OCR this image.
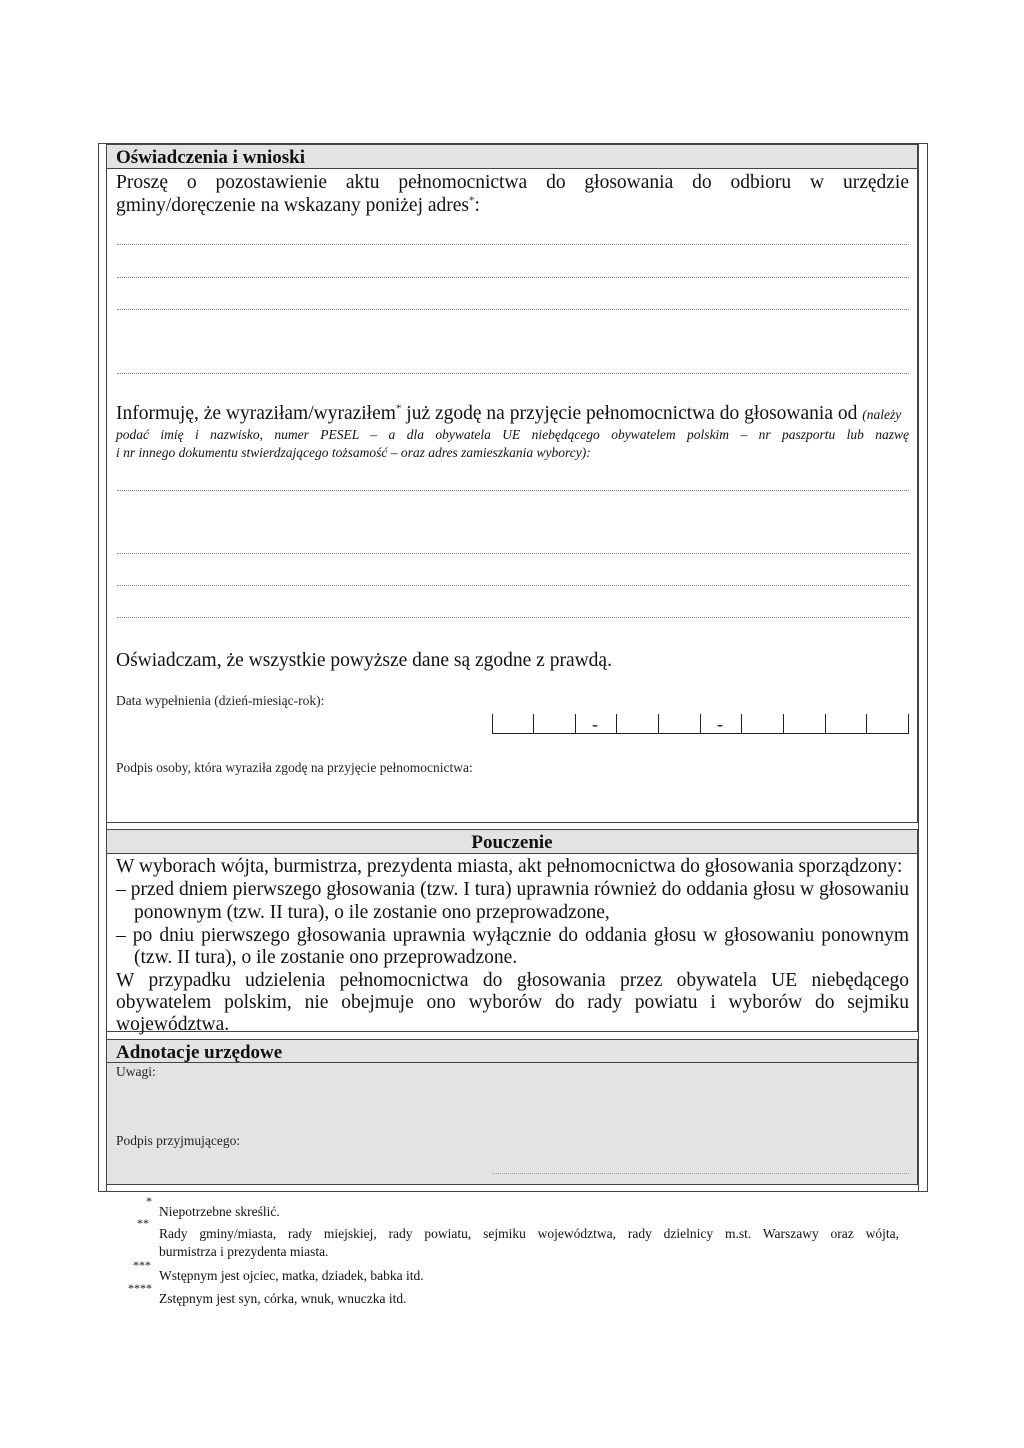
Oświadczenia i wnioski
Proszę o pozostawienie aktu pełnomocnictwa do głosowania do odbioru w urzędzie
gminy/doręczenie na wskazany poniżej adres*:
Informuję, że wyraziłam/wyraziłem* już zgodę na przyjęcie pełnomocnictwa do głosowania od (należy
podać imię i nazwisko, numer PESEL – a dla obywatela UE niebędącego obywatelem polskim – nr paszportu lub nazwę
i nr innego dokumentu stwierdzającego tożsamość – oraz adres zamieszkania wyborcy):
Oświadczam, że wszystkie powyższe dane są zgodne z prawdą.
Data wypełnienia (dzień-miesiąc-rok):
-	-
Podpis osoby, która wyraziła zgodę na przyjęcie pełnomocnictwa:
Pouczenie
W wyborach wójta, burmistrza, prezydenta miasta, akt pełnomocnictwa do głosowania sporządzony:
– przed dniem pierwszego głosowania (tzw. I tura) uprawnia również do oddania głosu w głosowaniu
ponownym (tzw. II tura), o ile zostanie ono przeprowadzone,
– po dniu pierwszego głosowania uprawnia wyłącznie do oddania głosu w głosowaniu ponownym
(tzw. II tura), o ile zostanie ono przeprowadzone.
W przypadku udzielenia pełnomocnictwa do głosowania przez obywatela UE niebędącego
obywatelem polskim, nie obejmuje ono wyborów do rady powiatu i wyborów do sejmiku
województwa.
Adnotacje urzędowe
Uwagi:
Podpis przyjmującego:
*
Niepotrzebne skreślić.
**
Rady gminy/miasta, rady miejskiej, rady powiatu, sejmiku województwa, rady dzielnicy m.st. Warszawy oraz wójta,
burmistrza i prezydenta miasta.
***
Wstępnym jest ojciec, matka, dziadek, babka itd.
****
Zstępnym jest syn, córka, wnuk, wnuczka itd.
